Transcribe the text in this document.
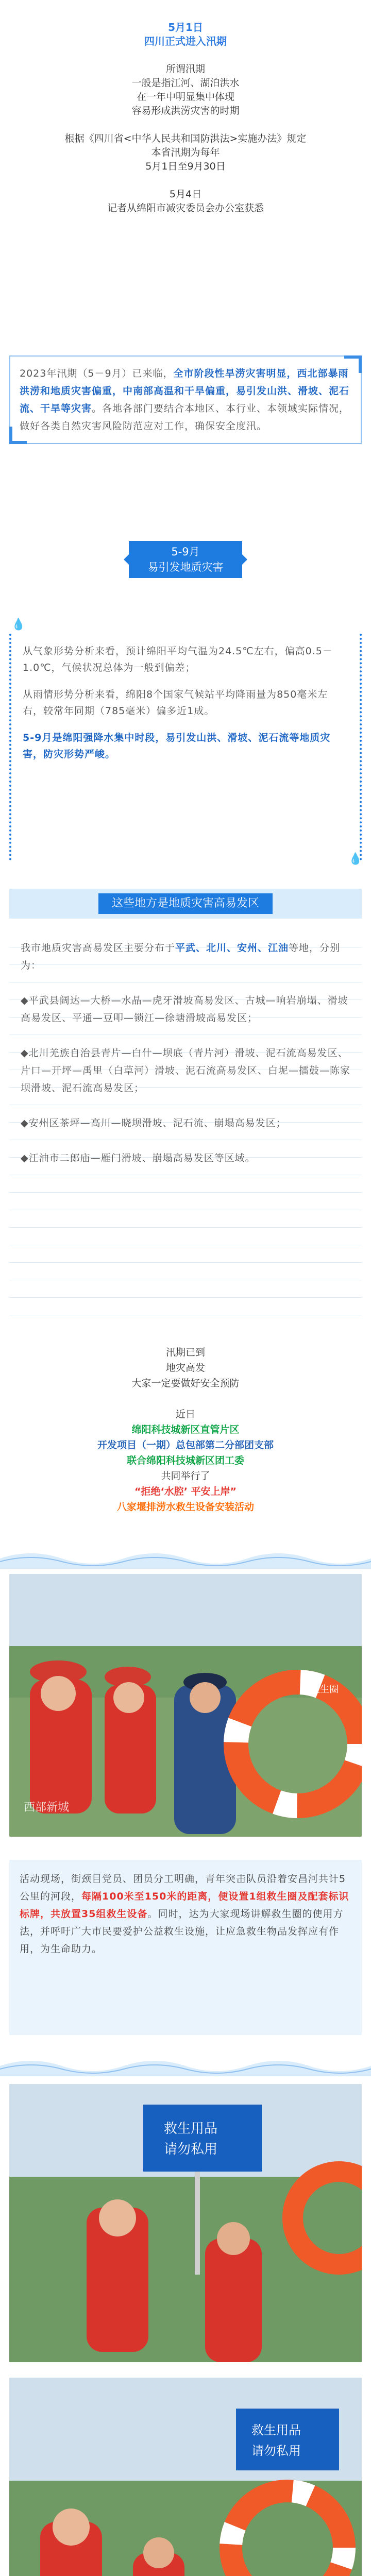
5月1日

四川正式进入汛期

所谓汛期

一般是指江河、湖泊洪水

在一年中明显集中体现

容易形成洪涝灾害的时期

根据《四川省<中华人民共和国防洪法>实施办法》规定

本省汛期为每年

5月1日至9月30日

5月4日

记者从绵阳市减灾委员会办公室获悉

2023年汛期（5－9月）已来临，全市阶段性旱涝灾害明显，西北部暴雨洪涝和地质灾害偏重，中南部高温和干旱偏重，易引发山洪、滑坡、泥石流、干旱等灾害。各地各部门要结合本地区、本行业、本领域实际情况，做好各类自然灾害风险防范应对工作，确保安全度汛。
5-9月
易引发地质灾害
💧

从气象形势分析来看，预计绵阳平均气温为24.5℃左右，偏高0.5－1.0℃，气候状况总体为一般到偏差；

从雨情形势分析来看，绵阳8个国家气候站平均降雨量为850毫米左右，较常年同期（785毫米）偏多近1成。

5-9月是绵阳强降水集中时段，易引发山洪、滑坡、泥石流等地质灾害，防灾形势严峻。

💧
这些地方是地质灾害高易发区

我市地质灾害高易发区主要分布于平武、北川、安州、江油等地，分别为：

◆平武县阔达—大桥—水晶—虎牙滑坡高易发区、古城—响岩崩塌、滑坡高易发区、平通—豆叩—锁江—徐塘滑坡高易发区；

◆北川羌族自治县青片—白什—坝底（青片河）滑坡、泥石流高易发区、片口—开坪—禹里（白草河）滑坡、泥石流高易发区、白坭—擂鼓—陈家坝滑坡、泥石流高易发区；

◆安州区茶坪—高川—晓坝滑坡、泥石流、崩塌高易发区；

◆江油市二郎庙—雁门滑坡、崩塌高易发区等区域。

汛期已到

地灾高发

大家一定要做好安全预防

近日

绵阳科技城新区直管片区

开发项目（一期）总包部第二分部团支部

联合绵阳科技城新区团工委

共同举行了

“拒绝‘水腔’ 平安上岸”

八家堰排涝水救生设备安装活动

救生圈
西部新城
活动现场，街颈目党员、团员分工明确，青年突击队员沿着安昌河共计5公里的河段，每隔100米至150米的距离，便设置1组救生圈及配套标识标牌，共放置35组救生设备。同时，达为大家现场讲解救生圈的使用方法，并呼吁广大市民要爱护公益救生设施，让应急救生物品发挥应有作用，为生命助力。
救生用品
请勿私用
救生用品
请勿私用
